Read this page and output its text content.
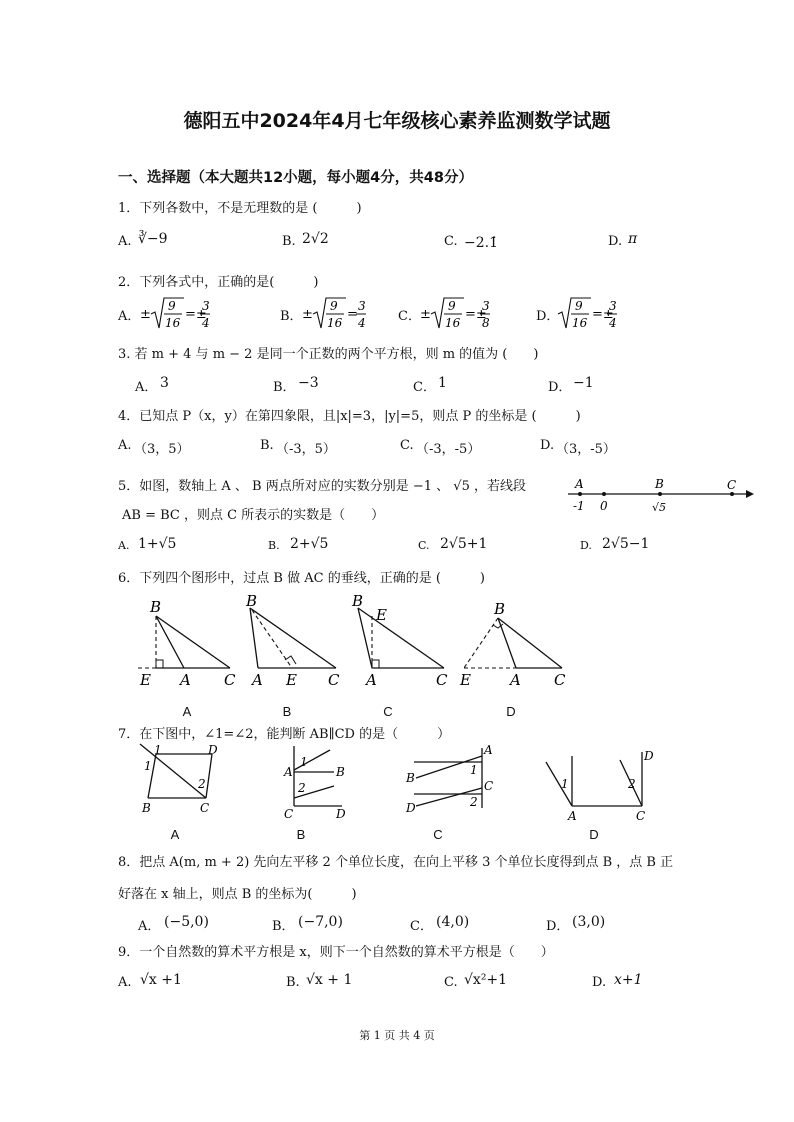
德阳五中2024年4月七年级核心素养监测数学试题
一、选择题（本大题共12小题，每小题4分，共48分）
1．下列各数中，不是无理数的是 (　　　)
A. ∛−9	B. 2√2	C. −2.1̇	D. π
2．下列各式中，正确的是(　　　)
A． ±
9
16
=±
3
4	B． ±
9
16
=
3
4 C． ±
9
16
=±
3
8	D．
9
16
=±
3
4
3. 若 m + 4 与 m − 2 是同一个正数的两个平方根，则 m 的值为 (　　)
A． 3	B． −3	C． 1	D． −1
4．已知点 P（x，y）在第四象限，且|x|=3，|y|=5，则点 P 的坐标是 (　　　)
A. （3，5）	B. （-3，5）	C. （-3，-5）	D. （3，-5）
5．如图，数轴上 A 、 B 两点所对应的实数分别是 −1 、 √5 ，若线段
AB = BC ，则点 C 所表示的实数是（　　）
A	B	C
-1 0	√5
A. 1+√5	B. 2+√5	C. 2√5+1	D. 2√5−1
6．下列四个图形中，过点 B 做 AC 的垂线，正确的是 (　　　)
B
E A C
B
A E C
B
E
A	C
B
E	A C
A	B	C	D
7．在下图中，∠1=∠2，能判断 AB∥CD 的是（　　　）
1
1
2
D
B	C
A
1
2
B
C	D
A
1
C
B
2
D
1	2
D
A	C
A	B	C	D
8．把点 A(m, m + 2) 先向左平移 2 个单位长度，在向上平移 3 个单位长度得到点 B ，点 B 正
好落在 x 轴上，则点 B 的坐标为(　　　)
A． (−5,0)	B． (−7,0)	C． (4,0)	D． (3,0)
9．一个自然数的算术平方根是 x，则下一个自然数的算术平方根是（　　）
A. √x +1	B. √x + 1	C. √x²+1	D. x+1
第 1 页 共 4 页
